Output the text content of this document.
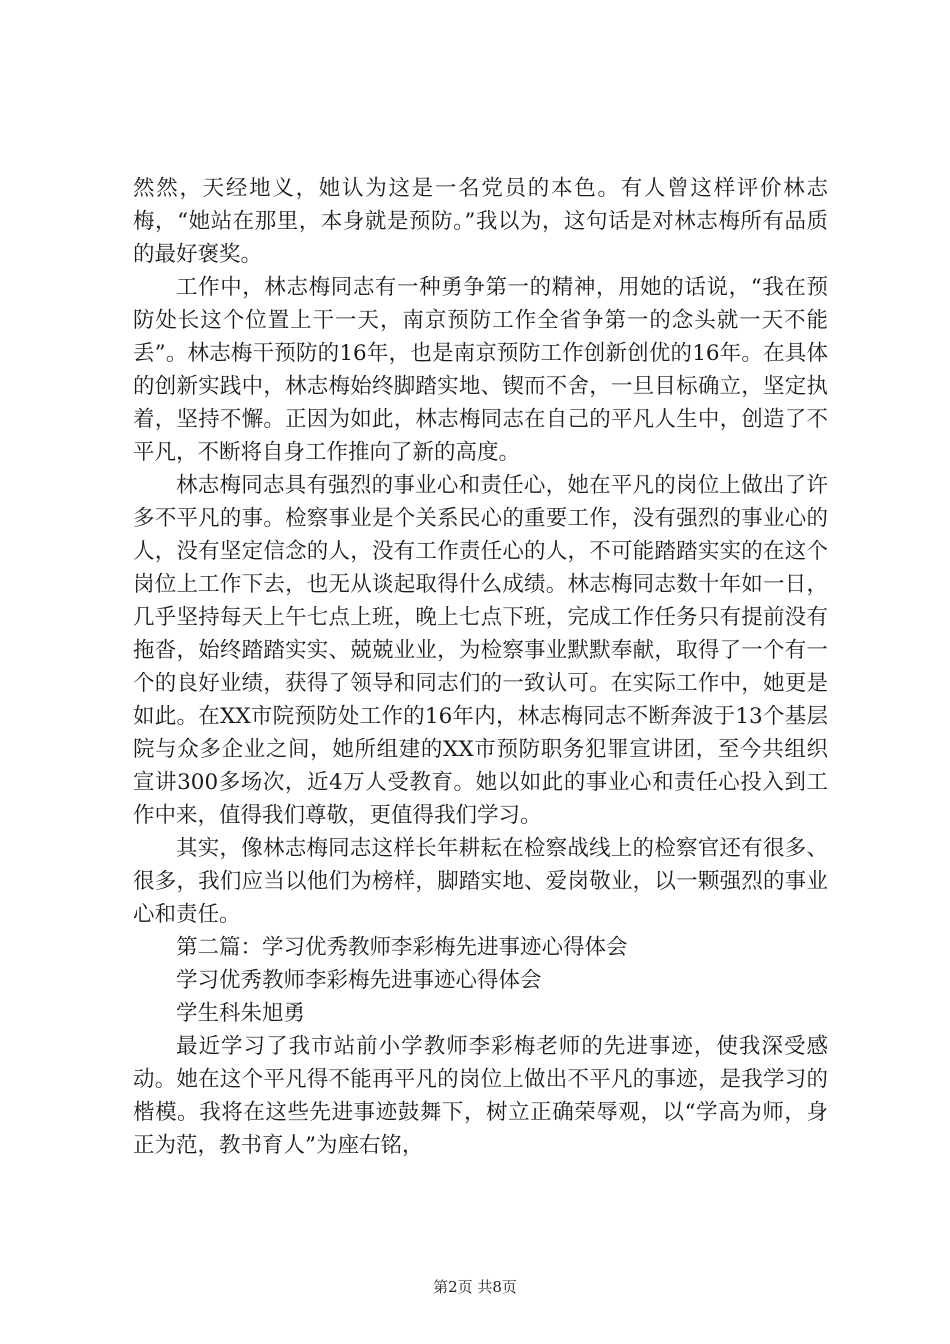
然然，天经地义，她认为这是一名党员的本色。有人曾这样评价林志梅，“她站在那里，本身就是预防。”我以为，这句话是对林志梅所有品质的最好褒奖。

工作中，林志梅同志有一种勇争第一的精神，用她的话说，“我在预防处长这个位置上干一天，南京预防工作全省争第一的念头就一天不能丢”。林志梅干预防的16年，也是南京预防工作创新创优的16年。在具体的创新实践中，林志梅始终脚踏实地、锲而不舍，一旦目标确立，坚定执着，坚持不懈。正因为如此，林志梅同志在自己的平凡人生中，创造了不平凡，不断将自身工作推向了新的高度。

林志梅同志具有强烈的事业心和责任心，她在平凡的岗位上做出了许多不平凡的事。检察事业是个关系民心的重要工作，没有强烈的事业心的人，没有坚定信念的人，没有工作责任心的人，不可能踏踏实实的在这个岗位上工作下去，也无从谈起取得什么成绩。林志梅同志数十年如一日，几乎坚持每天上午七点上班，晚上七点下班，完成工作任务只有提前没有拖沓，始终踏踏实实、兢兢业业，为检察事业默默奉献，取得了一个有一个的良好业绩，获得了领导和同志们的一致认可。在实际工作中，她更是如此。在XX市院预防处工作的16年内，林志梅同志不断奔波于13个基层院与众多企业之间，她所组建的XX市预防职务犯罪宣讲团，至今共组织宣讲300多场次，近4万人受教育。她以如此的事业心和责任心投入到工作中来，值得我们尊敬，更值得我们学习。

其实，像林志梅同志这样长年耕耘在检察战线上的检察官还有很多、很多，我们应当以他们为榜样，脚踏实地、爱岗敬业，以一颗强烈的事业心和责任。

第二篇：学习优秀教师李彩梅先进事迹心得体会

学习优秀教师李彩梅先进事迹心得体会

学生科朱旭勇

最近学习了我市站前小学教师李彩梅老师的先进事迹，使我深受感动。她在这个平凡得不能再平凡的岗位上做出不平凡的事迹，是我学习的楷模。我将在这些先进事迹鼓舞下，树立正确荣辱观，以“学高为师，身正为范，教书育人”为座右铭，

第2页 共8页
